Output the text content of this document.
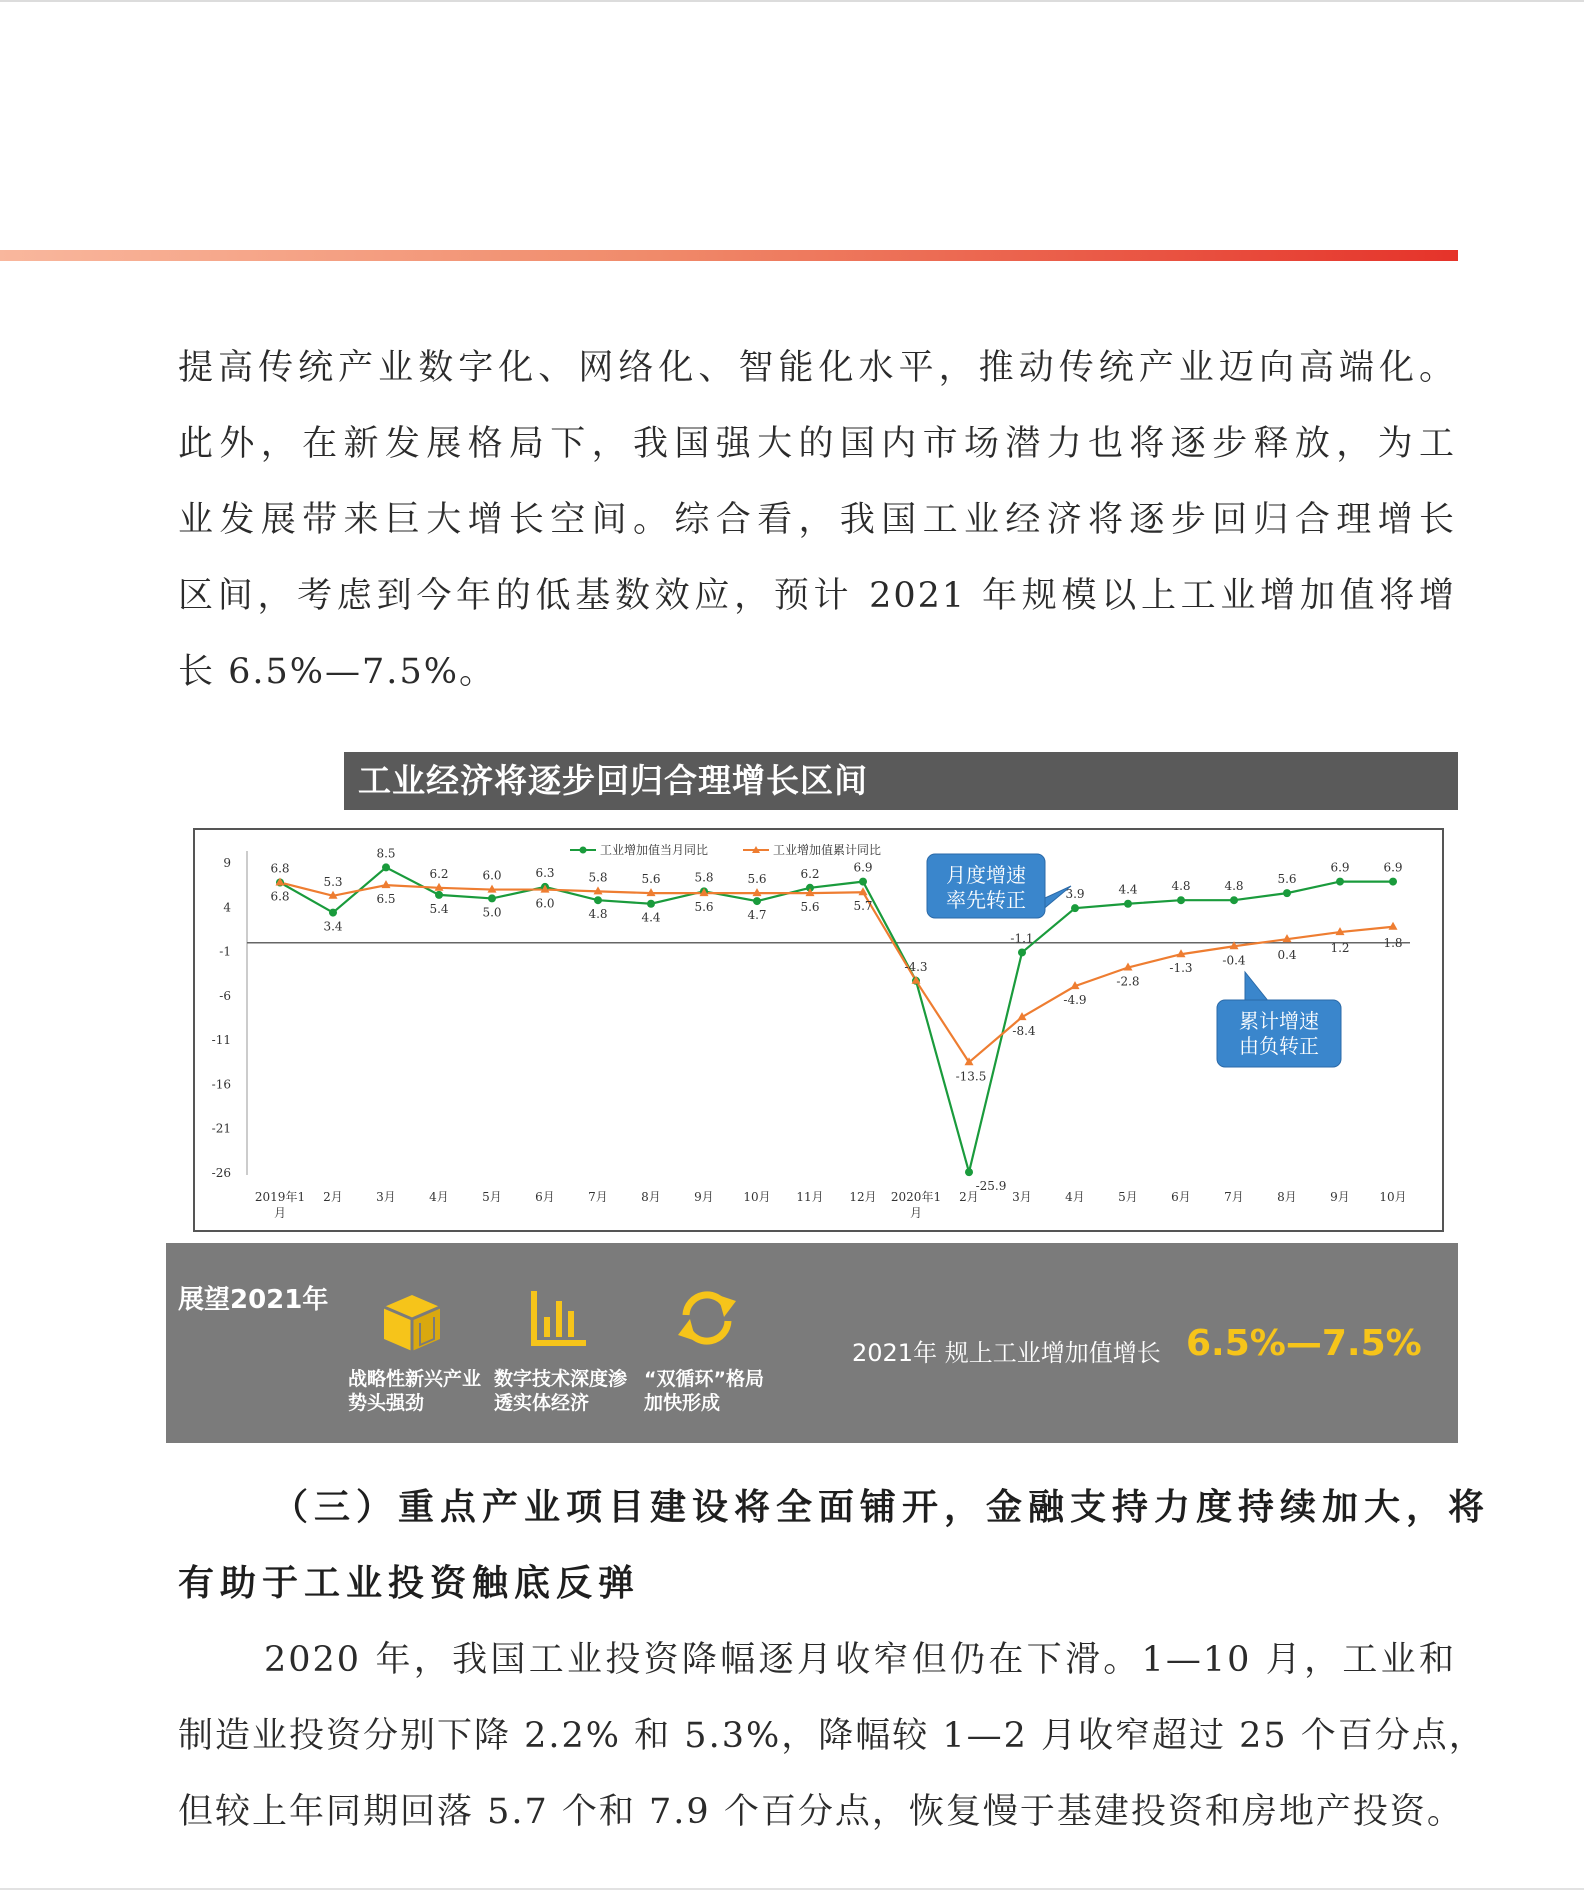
提高传统产业数字化、网络化、智能化水平，推动传统产业迈向高端化。
此外，在新发展格局下，我国强大的国内市场潜力也将逐步释放，为工
业发展带来巨大增长空间。综合看，我国工业经济将逐步回归合理增长
区间，考虑到今年的低基数效应，预计 2021 年规模以上工业增加值将增
长 6.5%—7.5%。
工业经济将逐步回归合理增长区间
9
4
-1
-6
-11
-16
-21
-26
2019年1
月
2月	3月	4月	5月	6月	7月	8月	9月 10月 11月 12月 2020年1
月
2月	3月	4月	5月	6月	7月	8月	9月 10月
工业增加值当月同比	工业增加值累计同比
6.8
3.4
8.5
5.4	5.0
6.3
4.8	4.4
5.8
4.7
6.2	6.9
-4.3
-25.9
-1.1
3.9	4.4	4.8	4.8
5.6
6.9	6.9
6.8
5.3
6.5
6.2	6.0
6.0
5.8	5.6
5.6
5.6
5.6	5.7
-13.5
-8.4
-4.9
-2.8
-1.3
-0.4	0.4
1.2	1.8
月度增速
率先转正
累计增速
由负转正
展望2021年
战略性新兴产业
势头强劲
数字技术深度渗
透实体经济
“双循环”格局
加快形成
2021年 规上工业增加值增长 6.5%—7.5%
（三）重点产业项目建设将全面铺开，金融支持力度持续加大，将
有助于工业投资触底反弹
2020 年，我国工业投资降幅逐月收窄但仍在下滑。1—10 月，工业和
制造业投资分别下降 2.2% 和 5.3%，降幅较 1—2 月收窄超过 25 个百分点，
但较上年同期回落 5.7 个和 7.9 个百分点，恢复慢于基建投资和房地产投资。
